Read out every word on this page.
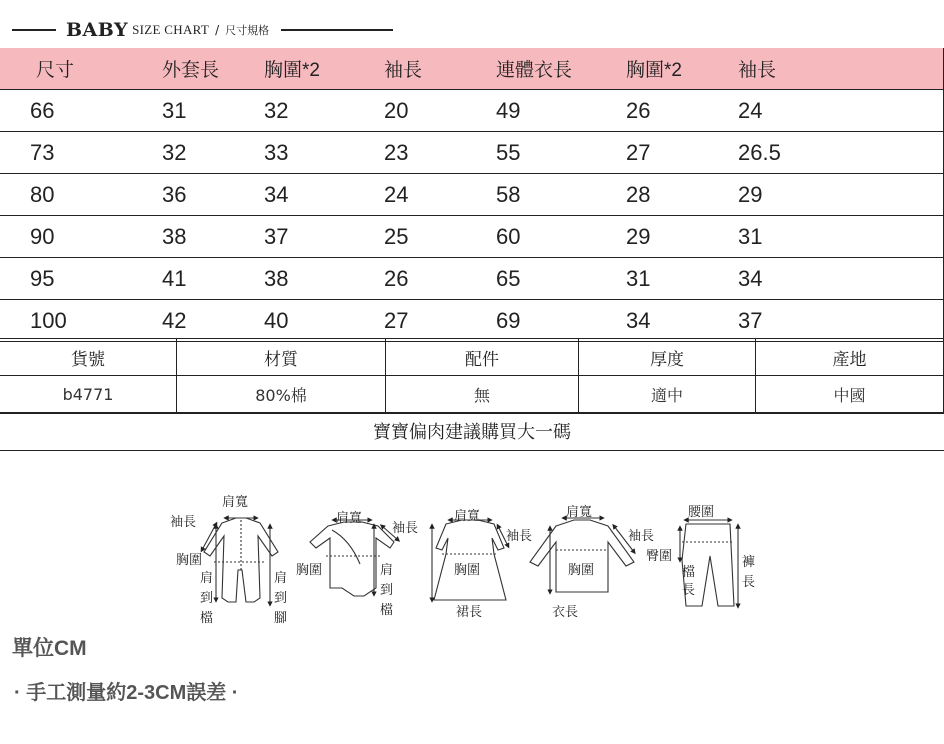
BABY SIZE CHART / 尺寸規格
尺寸	外套長	胸圍*2	袖長	連體衣長	胸圍*2	袖長	
66	31	32	20	49	26	24	
73	32	33	23	55	27	26.5	
80	36	34	24	58	28	29	
90	38	37	25	60	29	31	
95	41	38	26	65	31	34	
100	42	40	27	69	34	37	
貨號	材質	配件	厚度	產地
b4771	80%棉	無	適中	中國
寶寶偏肉建議購買大一碼
肩寬
袖長
胸圍
肩
到
檔
肩
到
腳
肩寬
袖長
胸圍	肩
到
檔
肩寬
袖長
胸圍
裙長
肩寬
袖長
胸圍
衣長
腰圍
臀圍
檔
長
褲
長
單位CM
· 手工測量約2-3CM誤差 ·
